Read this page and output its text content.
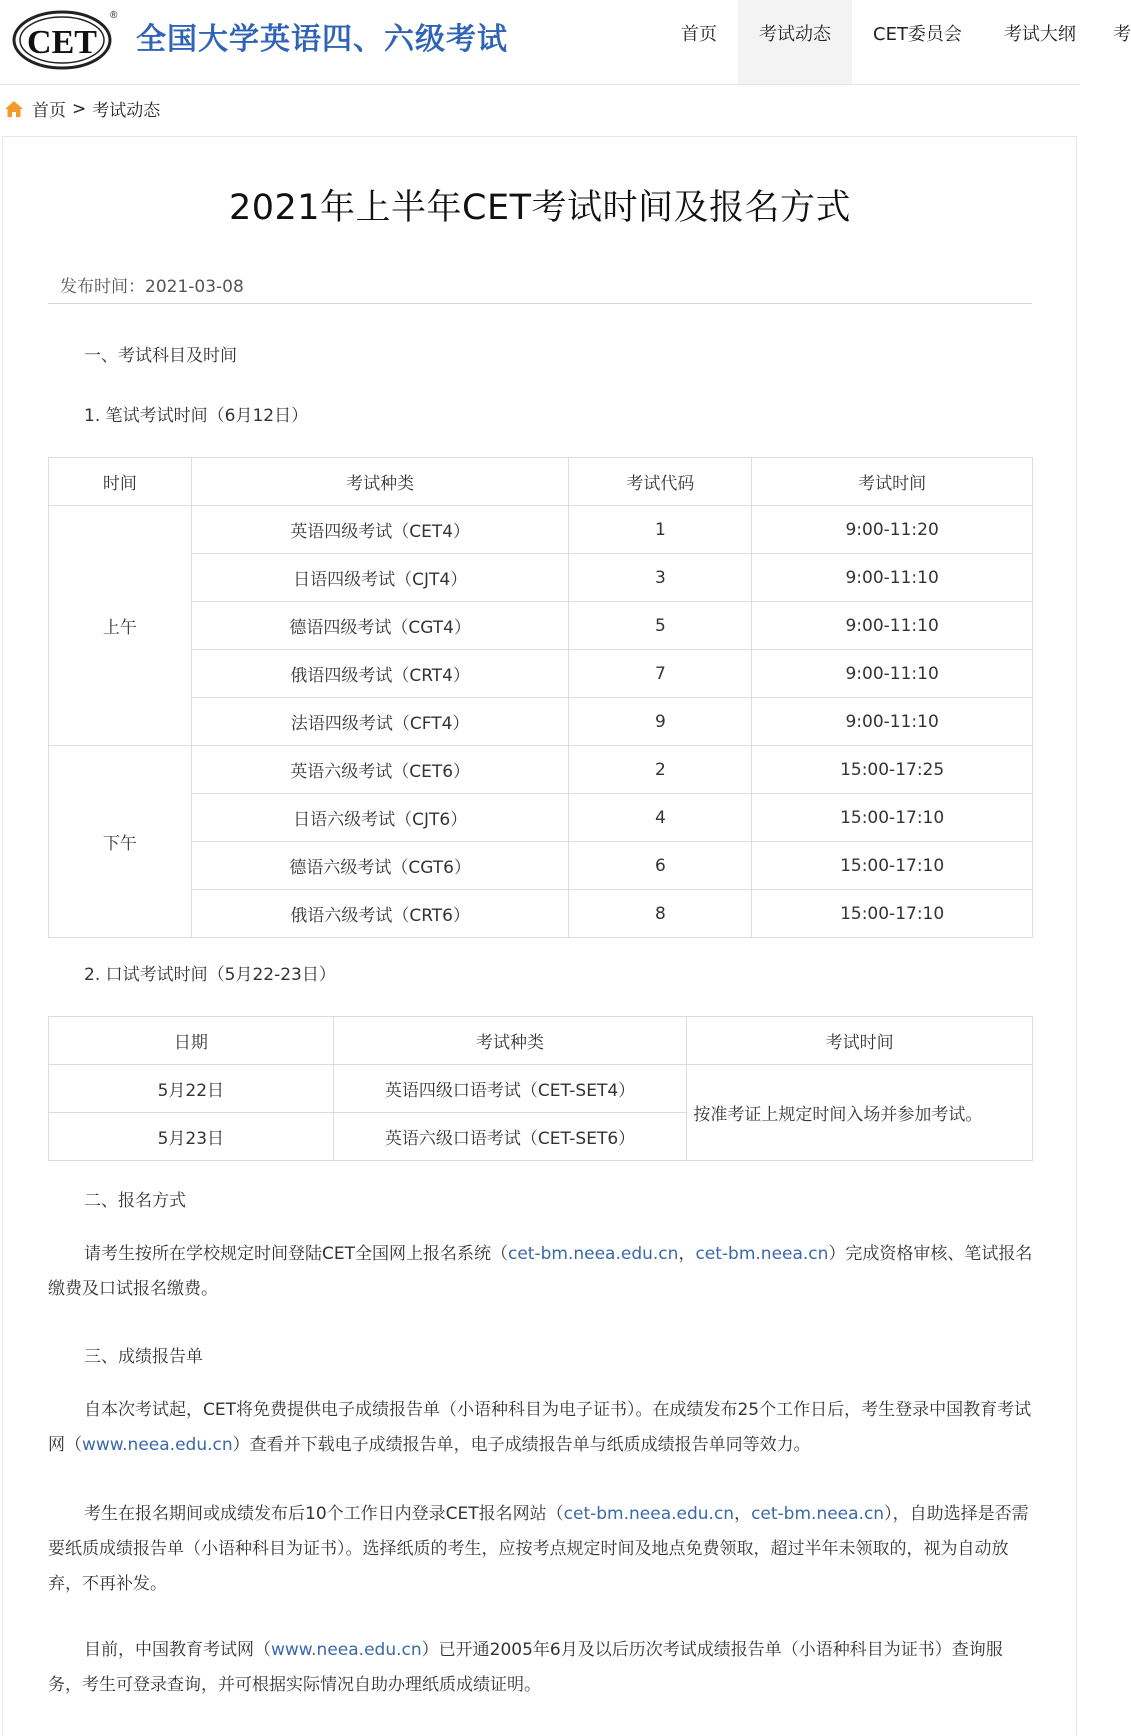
CET
®
全国大学英语四、六级考试	首页	考试动态	CET委员会	考试大纲	考
首页 > 考试动态
2021年上半年CET考试时间及报名方式
发布时间：2021-03-08
一、考试科目及时间
1. 笔试考试时间（6月12日）
时间	考试种类	考试代码	考试时间
上午	英语四级考试（CET4）	1	9:00-11:20
	日语四级考试（CJT4）	3	9:00-11:10
	德语四级考试（CGT4）	5	9:00-11:10
	俄语四级考试（CRT4）	7	9:00-11:10
	法语四级考试（CFT4）	9	9:00-11:10
下午	英语六级考试（CET6）	2	15:00-17:25
	日语六级考试（CJT6）	4	15:00-17:10
	德语六级考试（CGT6）	6	15:00-17:10
	俄语六级考试（CRT6）	8	15:00-17:10
2. 口试考试时间（5月22-23日）
日期	考试种类	考试时间
5月22日	英语四级口语考试（CET-SET4）	按准考证上规定时间入场并参加考试。
5月23日	英语六级口语考试（CET-SET6）	
二、报名方式
请考生按所在学校规定时间登陆CET全国网上报名系统（cet-bm.neea.edu.cn，cet-bm.neea.cn）完成资格审核、笔试报名缴费及口试报名缴费。
三、成绩报告单
自本次考试起，CET将免费提供电子成绩报告单（小语种科目为电子证书）。在成绩发布25个工作日后，考生登录中国教育考试网（www.neea.edu.cn）查看并下载电子成绩报告单，电子成绩报告单与纸质成绩报告单同等效力。
考生在报名期间或成绩发布后10个工作日内登录CET报名网站（cet-bm.neea.edu.cn，cet-bm.neea.cn），自助选择是否需要纸质成绩报告单（小语种科目为证书）。选择纸质的考生，应按考点规定时间及地点免费领取，超过半年未领取的，视为自动放弃，不再补发。
目前，中国教育考试网（www.neea.edu.cn）已开通2005年6月及以后历次考试成绩报告单（小语种科目为证书）查询服务，考生可登录查询，并可根据实际情况自助办理纸质成绩证明。
